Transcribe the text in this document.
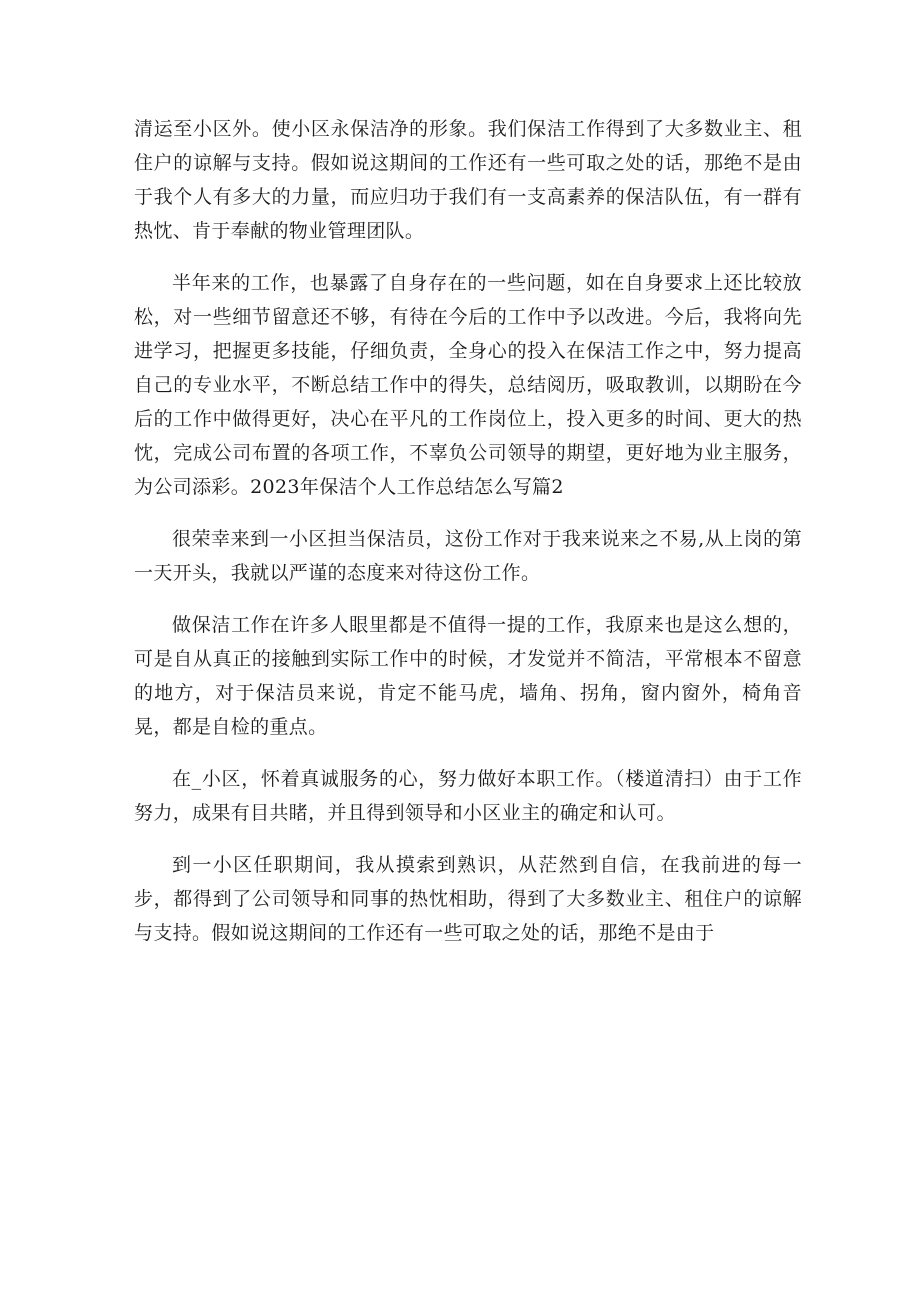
清运至小区外。使小区永保洁净的形象。我们保洁工作得到了大多数业主、租住户的谅解与支持。假如说这期间的工作还有一些可取之处的话，那绝不是由于我个人有多大的力量，而应归功于我们有一支高素养的保洁队伍，有一群有热忱、肯于奉献的物业管理团队。

半年来的工作，也暴露了自身存在的一些问题，如在自身要求上还比较放松，对一些细节留意还不够，有待在今后的工作中予以改进。今后，我将向先进学习，把握更多技能，仔细负责，全身心的投入在保洁工作之中，努力提高自己的专业水平，不断总结工作中的得失，总结阅历，吸取教训，以期盼在今后的工作中做得更好，决心在平凡的工作岗位上，投入更多的时间、更大的热忱，完成公司布置的各项工作，不辜负公司领导的期望，更好地为业主服务，为公司添彩。2023年保洁个人工作总结怎么写篇2

很荣幸来到一小区担当保洁员，这份工作对于我来说来之不易,从上岗的第一天开头，我就以严谨的态度来对待这份工作。

做保洁工作在许多人眼里都是不值得一提的工作，我原来也是这么想的，可是自从真正的接触到实际工作中的时候，才发觉并不简洁，平常根本不留意的地方，对于保洁员来说，肯定不能马虎，墙角、拐角，窗内窗外，椅角音晃，都是自检的重点。

在_小区，怀着真诚服务的心，努力做好本职工作。（楼道清扫）由于工作努力，成果有目共睹，并且得到领导和小区业主的确定和认可。

到一小区任职期间，我从摸索到熟识，从茫然到自信，在我前进的每一步，都得到了公司领导和同事的热忱相助，得到了大多数业主、租住户的谅解与支持。假如说这期间的工作还有一些可取之处的话，那绝不是由于
